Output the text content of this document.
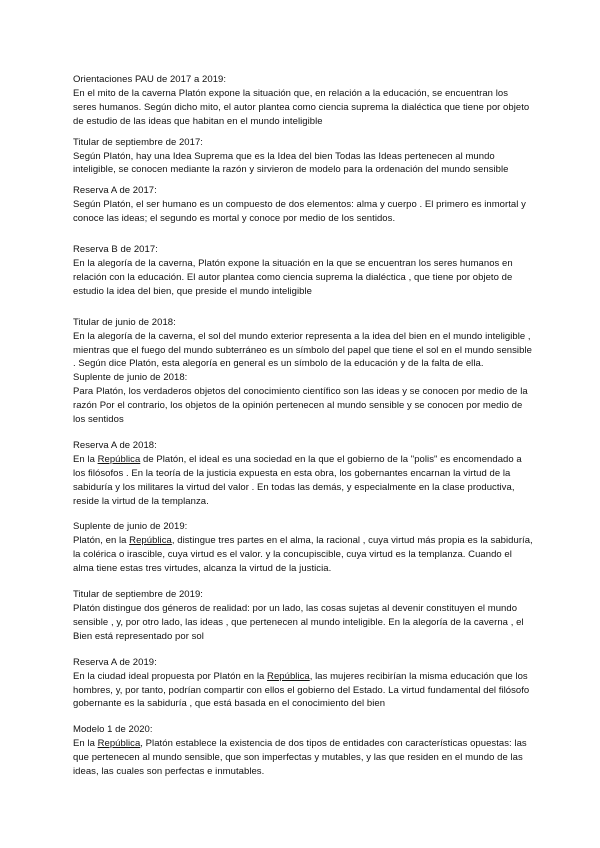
Orientaciones PAU de 2017 a 2019:
En el mito de la caverna Platón expone la situación que, en relación a la educación, se encuentran los seres humanos. Según dicho mito, el autor plantea como ciencia suprema la dialéctica que tiene por objeto de estudio de las ideas que habitan en el mundo inteligible
Titular de septiembre de 2017:
Según Platón, hay una Idea Suprema que es la Idea del bien Todas las Ideas pertenecen al mundo inteligible, se conocen mediante la razón y sirvieron de modelo para la ordenación del mundo sensible
Reserva A de 2017:
Según Platón, el ser humano es un compuesto de dos elementos: alma y cuerpo . El primero es inmortal y conoce las ideas; el segundo es mortal y conoce por medio de los sentidos.
Reserva B de 2017:
En la alegoría de la caverna, Platón expone la situación en la que se encuentran los seres humanos en relación con la educación. El autor plantea como ciencia suprema la dialéctica , que tiene por objeto de estudio la idea del bien, que preside el mundo inteligible
Titular de junio de 2018:
En la alegoría de la caverna, el sol del mundo exterior representa a la idea del bien en el mundo inteligible , mientras que el fuego del mundo subterráneo es un símbolo del papel que tiene el sol en el mundo sensible . Según dice Platón, esta alegoría en general es un símbolo de la educación y de la falta de ella.
Suplente de junio de 2018:
Para Platón, los verdaderos objetos del conocimiento científico son las ideas y se conocen por medio de la razón Por el contrario, los objetos de la opinión pertenecen al mundo sensible y se conocen por medio de los sentidos
Reserva A de 2018:
En la República de Platón, el ideal es una sociedad en la que el gobierno de la "polis" es encomendado a los filósofos . En la teoría de la justicia expuesta en esta obra, los gobernantes encarnan la virtud de la sabiduría y los militares la virtud del valor . En todas las demás, y especialmente en la clase productiva, reside la virtud de la templanza.
Suplente de junio de 2019:
Platón, en la República, distingue tres partes en el alma, la racional , cuya virtud más propia es la sabiduría, la colérica o irascible, cuya virtud es el valor. y la concupiscible, cuya virtud es la templanza. Cuando el alma tiene estas tres virtudes, alcanza la virtud de la justicia.
Titular de septiembre de 2019:
Platón distingue dos géneros de realidad: por un lado, las cosas sujetas al devenir constituyen el mundo sensible , y, por otro lado, las ideas , que pertenecen al mundo inteligible. En la alegoría de la caverna , el Bien está representado por sol
Reserva A de 2019:
En la ciudad ideal propuesta por Platón en la República, las mujeres recibirían la misma educación que los hombres, y, por tanto, podrían compartir con ellos el gobierno del Estado. La virtud fundamental del filósofo gobernante es la sabiduría , que está basada en el conocimiento del bien
Modelo 1 de 2020:
En la República, Platón establece la existencia de dos tipos de entidades con características opuestas: las que pertenecen al mundo sensible, que son imperfectas y mutables, y las que residen en el mundo de las ideas, las cuales son perfectas e inmutables.
